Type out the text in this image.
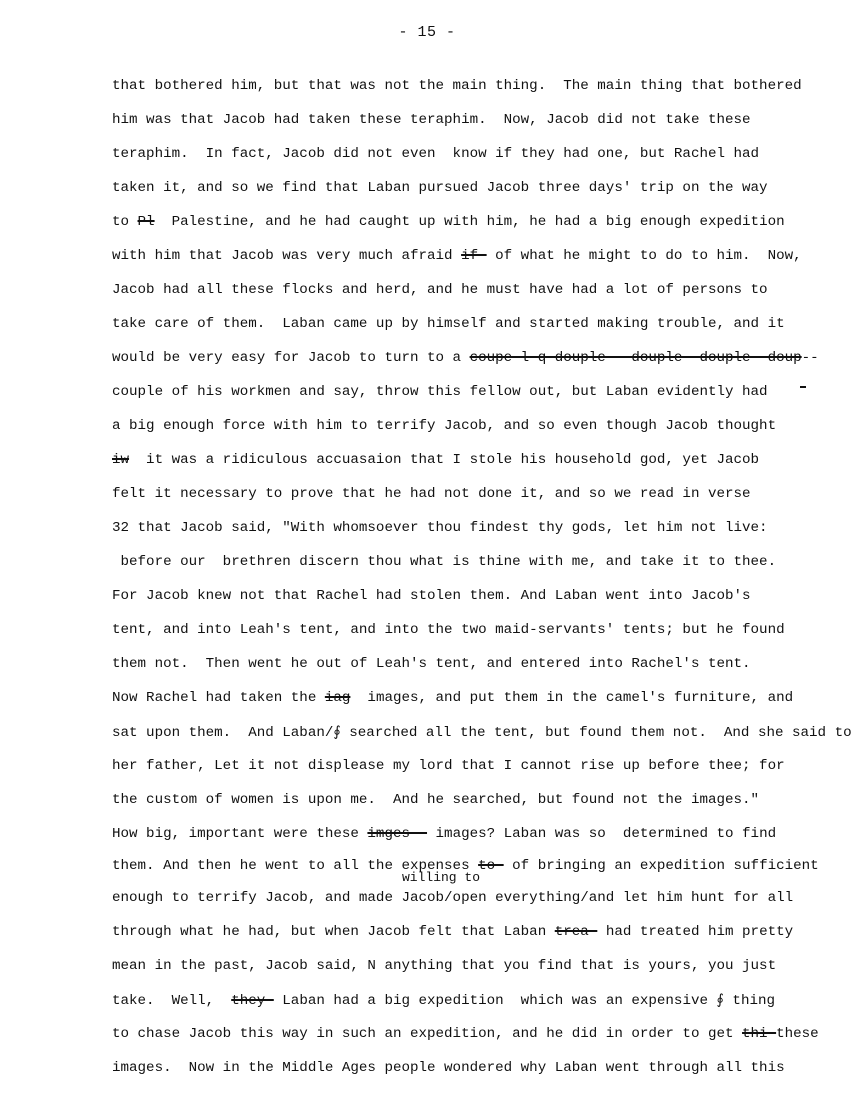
- 15 -
that bothered him, but that was not the main thing.  The main thing that bothered
him was that Jacob had taken these teraphim.  Now, Jacob did not take these
teraphim.  In fact, Jacob did not even  know if they had one, but Rachel had
taken it, and so we find that Laban pursued Jacob three days' trip on the way
to Pl  Palestine, and he had caught up with him, he had a big enough expedition
with him that Jacob was very much afraid if- of what he might to do to him.  Now,
Jacob had all these flocks and herd, and he must have had a lot of persons to
take care of them.  Laban came up by himself and started making trouble, and it
would be very easy for Jacob to turn to a coupe-l-q-douple---douple--douple--doup--
couple of his workmen and say, throw this fellow out, but Laban evidently had
a big enough force with him to terrify Jacob, and so even though Jacob thought
iw  it was a ridiculous accuasaion that I stole his household god, yet Jacob
felt it necessary to prove that he had not done it, and so we read in verse
32 that Jacob said, "With whomsoever thou findest thy gods, let him not live:
before our  brethren discern thou what is thine with me, and take it to thee.
For Jacob knew not that Rachel had stolen them. And Laban went into Jacob's
tent, and into Leah's tent, and into the two maid-servants' tents; but he found
them not.  Then went he out of Leah's tent, and entered into Rachel's tent.
Now Rachel had taken the iag  images, and put them in the camel's furniture, and
sat upon them.  And Laban/∮ searched all the tent, but found them not.  And she said to
her father, Let it not displease my lord that I cannot rise up before thee; for
the custom of women is upon me.  And he searched, but found not the images."
How big, important were these imges-- images? Laban was so  determined to find
them. And then he went to all the expenses to- of bringing an expedition sufficient
willing to
enough to terrify Jacob, and made Jacob/open everything/and let him hunt for all
through what he had, but when Jacob felt that Laban trea- had treated him pretty
mean in the past, Jacob said, N anything that you find that is yours, you just
take.  Well,  they- Laban had a big expedition  which was an expensive ∮ thing
to chase Jacob this way in such an expedition, and he did in order to get thi-these
images.  Now in the Middle Ages people wondered why Laban went through all this
